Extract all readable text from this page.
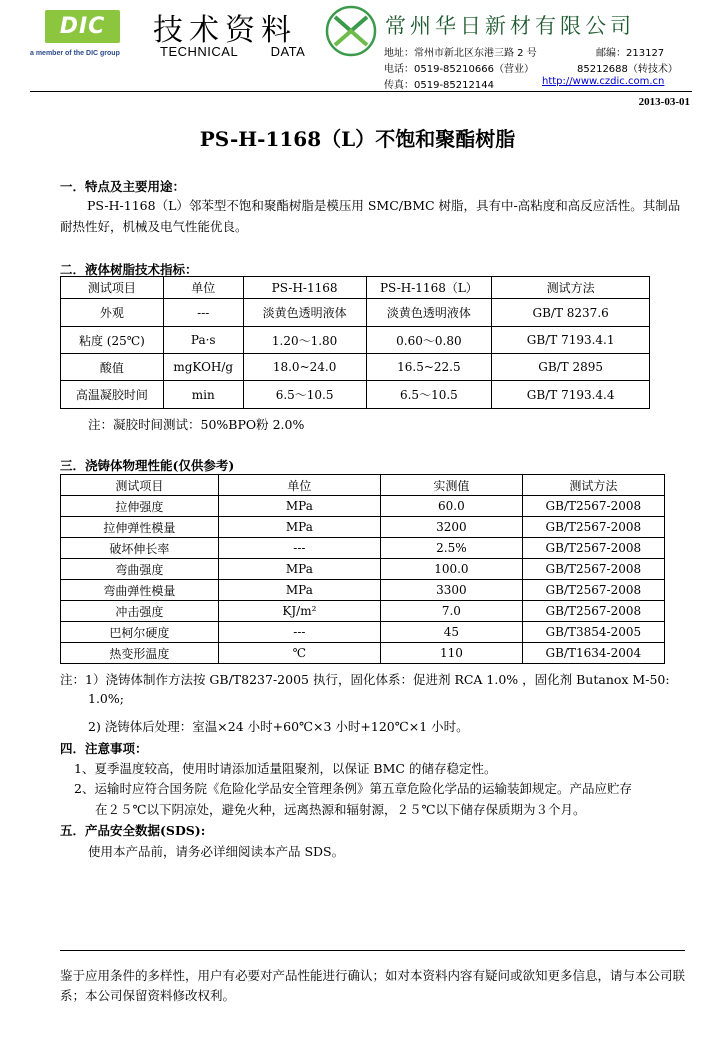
DIC
a member of the DIC group
技术资料
TECHNICAL        DATA
常州华日新材有限公司
地址：常州市新北区东港三路 2 号	邮编：213127
电话：0519-85210666（营业）	85212688（转技术）
传真：0519-85212144	http://www.czdic.com.cn
2013-03-01
PS-H-1168（L）不饱和聚酯树脂
一．特点及主要用途：
PS-H-1168（L）邻苯型不饱和聚酯树脂是模压用 SMC/BMC 树脂，具有中-高粘度和高反应活性。其制品耐热性好，机械及电气性能优良。
二．液体树脂技术指标：
测试项目	单位	PS-H-1168	PS-H-1168（L）	测试方法
外观	---	淡黄色透明液体	淡黄色透明液体	GB/T 8237.6
粘度 (25℃)	Pa·s	1.20～1.80	0.60～0.80	GB/T 7193.4.1
酸值	mgKOH/g	18.0~24.0	16.5~22.5	GB/T 2895
高温凝胶时间	min	6.5～10.5	6.5～10.5	GB/T 7193.4.4
注：凝胶时间测试：50%BPO粉 2.0%
三．浇铸体物理性能(仅供参考)
测试项目	单位	实测值	测试方法
拉伸强度	MPa	60.0	GB/T2567-2008
拉伸弹性模量	MPa	3200	GB/T2567-2008
破坏伸长率	---	2.5%	GB/T2567-2008
弯曲强度	MPa	100.0	GB/T2567-2008
弯曲弹性模量	MPa	3300	GB/T2567-2008
冲击强度	KJ/m²	7.0	GB/T2567-2008
巴柯尔硬度	---	45	GB/T3854-2005
热变形温度	℃	110	GB/T1634-2004
注：1）浇铸体制作方法按 GB/T8237-2005 执行，固化体系：促进剂 RCA 1.0% ，固化剂 Butanox M-50:
1.0%;
2) 浇铸体后处理：室温×24 小时+60℃×3 小时+120℃×1 小时。
四．注意事项：
1、夏季温度较高，使用时请添加适量阻聚剂，以保证 BMC 的储存稳定性。
2、运输时应符合国务院《危险化学品安全管理条例》第五章危险化学品的运输装卸规定。产品应贮存
在２５℃以下阴凉处，避免火种，远离热源和辐射源，２５℃以下储存保质期为３个月。
五．产品安全数据(SDS):
使用本产品前，请务必详细阅读本产品 SDS。
鉴于应用条件的多样性，用户有必要对产品性能进行确认；如对本资料内容有疑问或欲知更多信息，请与本公司联系；本公司保留资料修改权利。
